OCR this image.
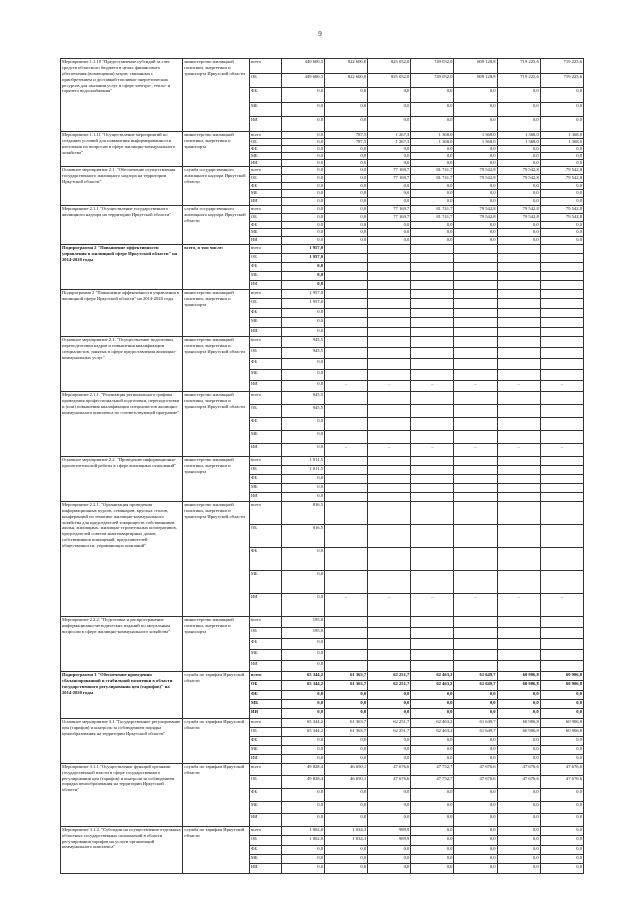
9
Мероприятие 1.1.10 "Предоставление субсидий за счет средств областного бюджета в целях финансового обеспечения (возмещения) затрат, связанных с приобретением и доставкой топливно-энергетических ресурсов для оказания услуг в сфере электро-, тепло- и горячего водоснабжения"	министерство жилищной политики, энергетики и транспорта Иркутской области	всего	449 600,3	822 600,0	825 032,0	749 032,0	809 128,8	719 225,6	719 225,6
		ОБ	449 600,3	822 600,0	825 032,0	749 032,0	809 128,8	719 225,6	719 225,6
		ФБ	0,0	0,0	0,0	0,0	0,0	0,0	0,0
		МБ	0,0	0,0	0,0	0,0	0,0	0,0	0,0
		ИИ	0,0	0,0	0,0	0,0	0,0	0,0	0,0
Мероприятие 1.1.11 "Осуществление мероприятий по созданию условий для повышения информированности населения по вопросам в сфере жилищно-коммунального хозяйства"	министерство жилищной политики, энергетики и транспорта	всего	0,0	787,5	1 267,3	1 368,0	1 368,0	1 368,0	1 368,0
		ОБ	0,0	787,5	1 267,3	1 368,0	1 368,0	1 368,0	1 368,0
		ФБ	0,0	0,0	0,0	0,0	0,0	0,0	0,0
		МБ	0,0	0,0	0,0	0,0	0,0	0,0	0,0
		ИИ	0,0	0,0	0,0	0,0	0,0	0,0	0,0
Основное мероприятие 2.1. "Обеспечение осуществления государственного жилищного надзора на территории Иркутской области"	служба государственного жилищного надзора Иркутской области	всего	0,0	0,0	77 169,7	81 741,7	79 542,8	79 542,8	79 542,8
		ОБ	0,0	0,0	77 169,7	81 741,7	79 542,8	79 542,8	79 542,8
		ФБ	0,0	0,0	0,0	0,0	0,0	0,0	0,0
		МБ	0,0	0,0	0,0	0,0	0,0	0,0	0,0
		ИИ	0,0	0,0	0,0	0,0	0,0	0,0	0,0
Мероприятие 2.1.1 "Осуществление государственного жилищного надзора на территории Иркутской области"	служба государственного жилищного надзора Иркутской области	всего	0,0	0,0	77 169,7	81 741,7	79 542,8	79 542,8	79 542,8
		ОБ	0,0	0,0	77 169,7	81 741,7	79 542,8	79 542,8	79 542,8
		ФБ	0,0	0,0	0,0	0,0	0,0	0,0	0,0
		МБ	0,0	0,0	0,0	0,0	0,0	0,0	0,0
		ИИ	0,0	0,0	0,0	0,0	0,0	0,0	0,0
Подпрограмма 2 "Повышение эффективности управления в жилищной сфере Иркутской области" на 2014-2020 годы	всего, в том числе:	всего	1 957,0						
		ОБ	1 957,0						
		ФБ	0,0						
		МБ	0,0						
		ИИ	0,0						
Подпрограмма 2 "Повышение эффективности управления в жилищной сфере Иркутской области" на 2014-2020 годы	министерство жилищной политики, энергетики и транспорта	всего	1 957,0						
		ОБ	1 957,0						
		ФБ	0,0						
		МБ	0,0						
		ИИ	0,0						
Основное мероприятие 2.1. "Осуществление подготовки, переподготовки кадров и повышения квалификации специалистов, занятых в сфере предоставления жилищно-коммунальных услуг"	министерство жилищной политики, энергетики и транспорта Иркутской области	всего	945,5						
		ОБ	945,5						
		ФБ	0,0						
		МБ	0,0						
		ИИ	0,0	–	–	–	–	–	–
Мероприятие 2.1.1. "Реализация регионального графика проведения профессиональной подготовки, переподготовки и (или) повышения квалификации специалистов жилищно-коммунального комплекса по соответствующей программе"	министерство жилищной политики, энергетики и транспорта Иркутской области	всего	945,5						
		ОБ	945,5						
		ФБ	0,0						
		МБ	0,0						
		ИИ	0,0	–	–	–	–	–	–
Основное мероприятие 2.2. "Проведение информационно-просветительской работы в сфере жилищных отношений"	министерство жилищной политики, энергетики и транспорта	всего	1 011,5						
		ОБ	1 011,5						
		ФБ	0,0						
		МБ	0,0						
		ИИ	0,0						
Мероприятие 2.2.1. "Организация проведения информационных курсов, семинаров, круглых столов, конференций по тематике жилищно-коммунального хозяйства для председателей товариществ собственников жилья, жилищных, жилищно-строительных кооперативов, председателей советов многоквартирных домов, собственников помещений, представителей общественности, управляющих компаний"	министерство жилищной политики, энергетики и транспорта Иркутской области	всего	816,5						
		ОБ	816,5						
		ФБ	0,0						
		МБ	0,0						
		ИИ	0,0	–	–	–	–	–	–
Мероприятие 2.2.2. "Подготовка и распространение информационно-методических изданий по актуальным вопросам в сфере жилищно-коммунального хозяйства"	министерство жилищной политики, энергетики и транспорта	всего	195,0						
		ОБ	195,0						
		ФБ	0,0						
		МБ	0,0						
		ИИ	0,0						
Подпрограмма 3 "Обеспечение проведения сбалансированной и стабильной политики в области государственного регулирования цен (тарифов)" на 2014-2020 годы	служба по тарифам Иркутской области	всего	65 344,2	61 363,7	62 251,7	62 463,2	61 649,7	60 906,8	60 906,8
		ОБ	65 344,2	61 363,7	62 251,7	62 463,2	61 649,7	60 906,8	60 906,8
		ФБ	0,0	0,0	0,0	0,0	0,0	0,0	0,0
		МБ	0,0	0,0	0,0	0,0	0,0	0,0	0,0
		ИИ	0,0	0,0	0,0	0,0	0,0	0,0	0,0
Основное мероприятие 3.1 "Государственное регулирование цен (тарифов) и контроль за соблюдением порядка ценообразования на территории Иркутской области"	служба по тарифам Иркутской области	всего	65 344,2	61 363,7	62 251,7	62 463,2	61 649,7	60 906,8	60 906,8
		ОБ	65 344,2	61 363,7	62 251,7	62 463,2	61 649,7	60 906,8	60 906,8
		ФБ	0,0	0,0	0,0	0,0	0,0	0,0	0,0
		МБ	0,0	0,0	0,0	0,0	0,0	0,0	0,0
		ИИ	0,0	0,0	0,0	0,0	0,0	0,0	0,0
Мероприятие 3.1.1."Осуществление функций органами государственной власти в сфере государственного регулирования цен (тарифов) и контроля за соблюдением порядка ценообразования на территории Иркутской области"	служба по тарифам Иркутской области	всего	49 828,4	46 650,1	47 676,6	47 752,7	47 676,6	47 676,6	47 676,6
		ОБ	49 828,4	46 650,1	47 676,6	47 752,7	47 676,6	47 676,6	47 676,6
		ФБ	0,0	0,0	0,0	0,0	0,0	0,0	0,0
		МБ	0,0	0,0	0,0	0,0	0,0	0,0	0,0
		ИИ	0,0	0,0	0,0	0,0	0,0	0,0	0,0
Мероприятие 3.1.2. "Субсидии на осуществление отдельных областных государственных полномочий в области регулирования тарифов на услуги организаций коммунального комплекса"	служба по тарифам Иркутской области	всего	1 002,0	1 034,3	989,9	0,0	0,0	0,0	0,0
		ОБ	1 002,0	1 034,3	989,9	0,0	0,0	0,0	0,0
		ФБ	0,0	0,0	0,0	0,0	0,0	0,0	0,0
		МБ	0,0	0,0	0,0	0,0	0,0	0,0	0,0
		ИИ	0,0	0,0	0,0	0,0	0,0	0,0	0,0
